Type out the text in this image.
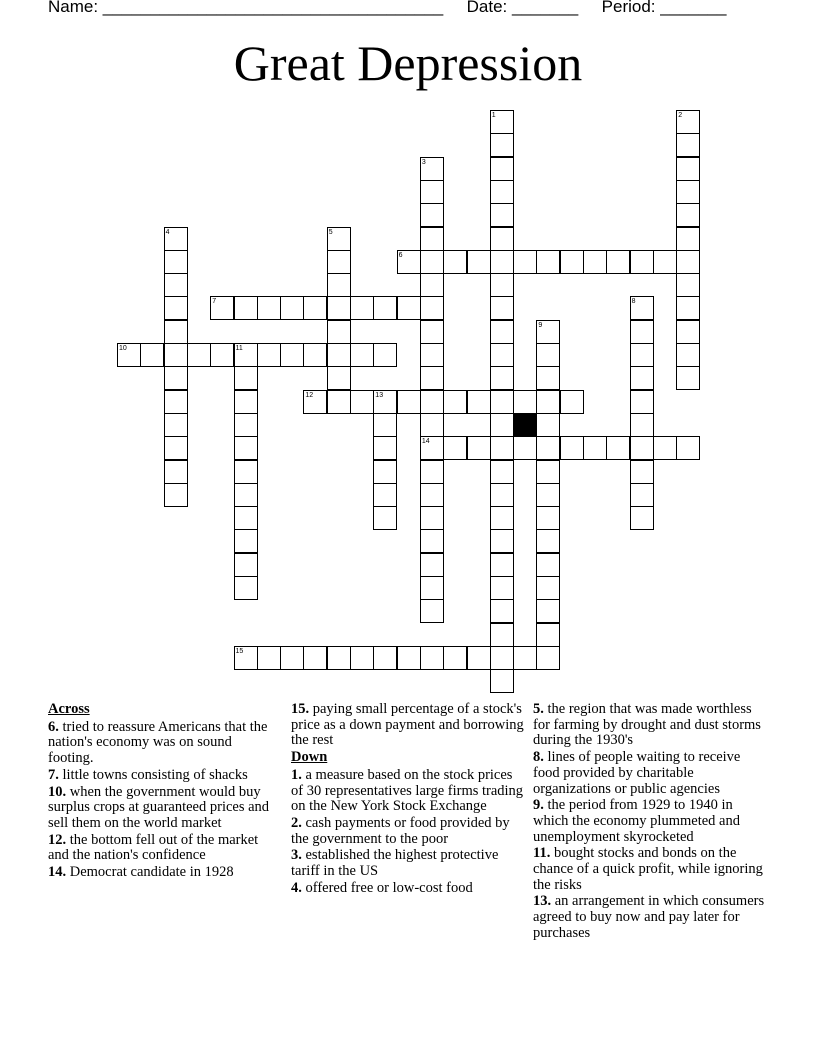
Name: ____________________________________ Date: _______ Period: _______
Great Depression
1	2
3
14
4	5
6
7	8
9
10	11
12	13
15
Across
6. tried to reassure Americans that the nation's economy was on sound footing.
7. little towns consisting of shacks
10. when the government would buy surplus crops at guaranteed prices and sell them on the world market
12. the bottom fell out of the market and the nation's confidence
14. Democrat candidate in 1928
15. paying small percentage of a stock's price as a down payment and borrowing the rest
Down
1. a measure based on the stock prices of 30 representatives large firms trading on the New York Stock Exchange
2. cash payments or food provided by the government to the poor
3. established the highest protective tariff in the US
4. offered free or low-cost food
5. the region that was made worthless for farming by drought and dust storms during the 1930's
8. lines of people waiting to receive food provided by charitable organizations or public agencies
9. the period from 1929 to 1940 in which the economy plummeted and unemployment skyrocketed
11. bought stocks and bonds on the chance of a quick profit, while ignoring the risks
13. an arrangement in which consumers agreed to buy now and pay later for purchases
